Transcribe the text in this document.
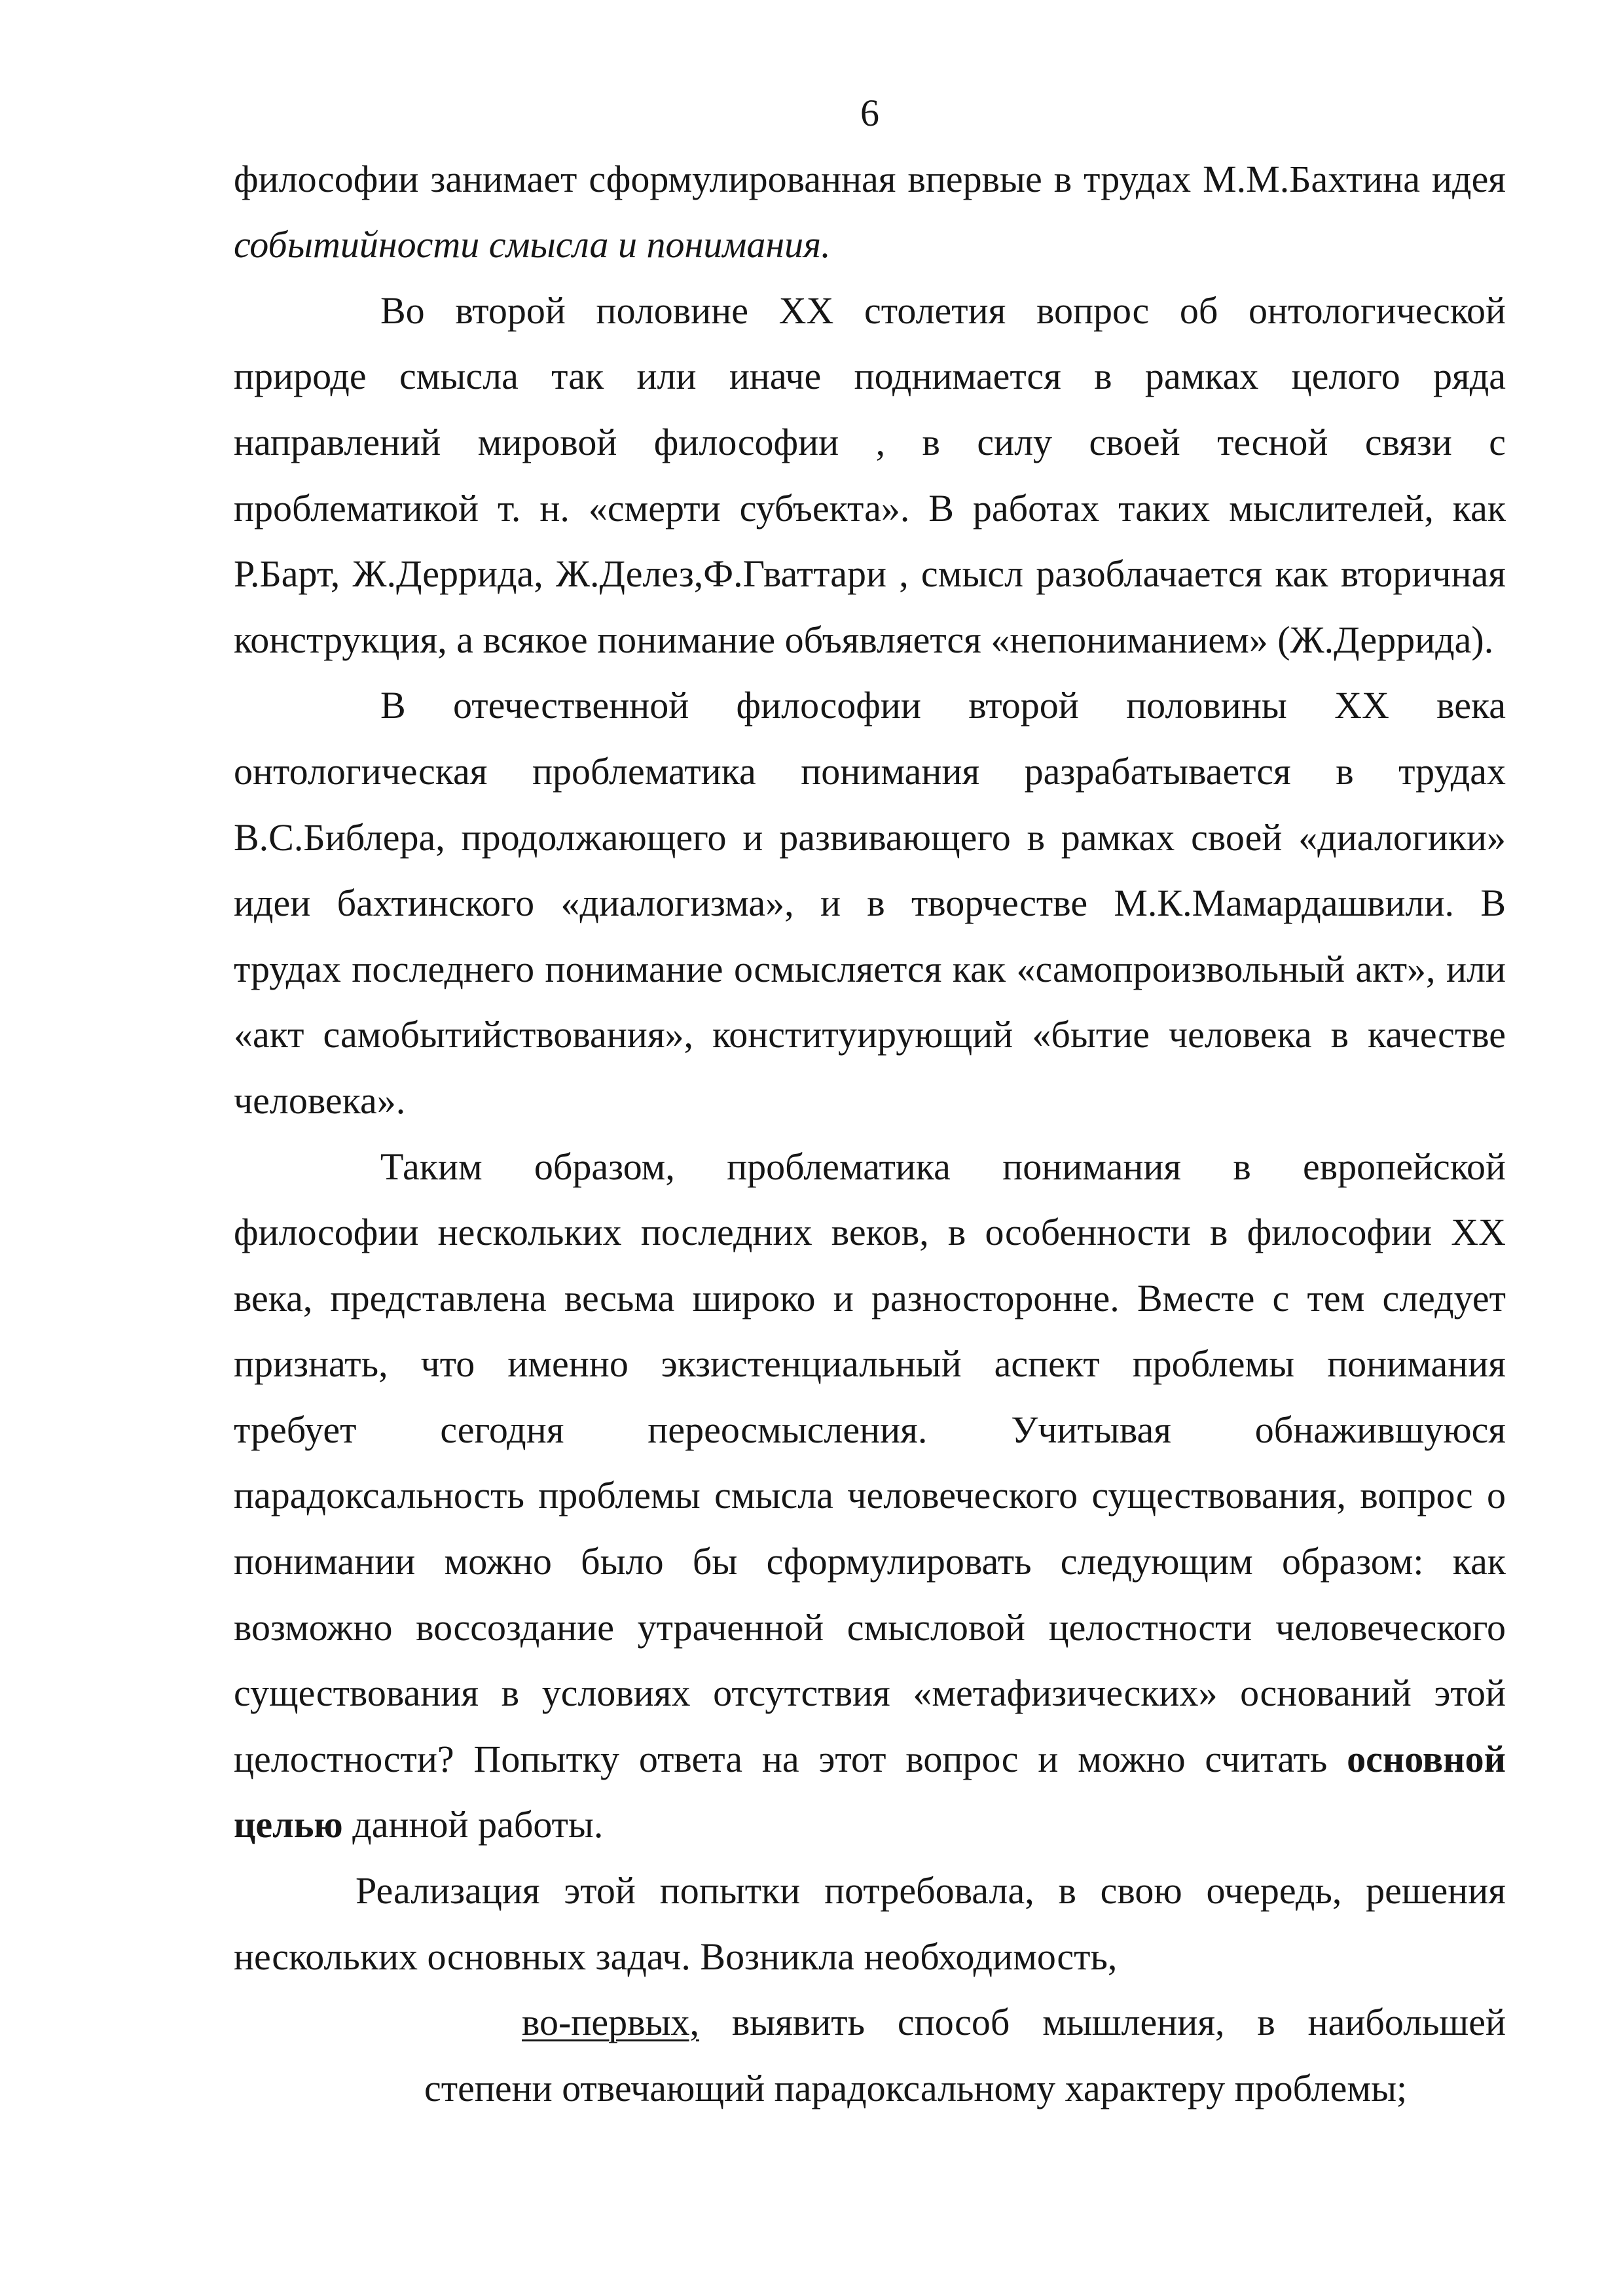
6
философии занимает сформулированная впервые в трудах М.М.Бахтина идея
событийности смысла и понимания.
Во второй половине XX столетия вопрос об онтологической
природе смысла так или иначе поднимается в рамках целого ряда
направлений мировой философии , в силу своей тесной связи с
проблематикой т. н. «смерти субъекта». В работах таких мыслителей, как
Р.Барт, Ж.Деррида, Ж.Делез,Ф.Гваттари , смысл разоблачается как вторичная
конструкция, а всякое понимание объявляется «непониманием» (Ж.Деррида).
В отечественной философии второй половины XX века
онтологическая проблематика понимания разрабатывается в трудах
В.С.Библера, продолжающего и развивающего в рамках своей «диалогики»
идеи бахтинского «диалогизма», и в творчестве М.К.Мамардашвили. В
трудах последнего понимание осмысляется как «самопроизвольный акт», или
«акт самобытийствования», конституирующий «бытие человека в качестве
человека».
Таким образом, проблематика понимания в европейской
философии нескольких последних веков, в особенности в философии XX
века, представлена весьма широко и разносторонне. Вместе с тем следует
признать, что именно экзистенциальный аспект проблемы понимания
требует сегодня переосмысления. Учитывая обнажившуюся
парадоксальность проблемы смысла человеческого существования, вопрос о
понимании можно было бы сформулировать следующим образом: как
возможно воссоздание утраченной смысловой целостности человеческого
существования в условиях отсутствия «метафизических» оснований этой
целостности? Попытку ответа на этот вопрос и можно считать основной
целью данной работы.
Реализация этой попытки потребовала, в свою очередь, решения
нескольких основных задач. Возникла необходимость,
во-первых, выявить способ мышления, в наибольшей
степени отвечающий парадоксальному характеру проблемы;
